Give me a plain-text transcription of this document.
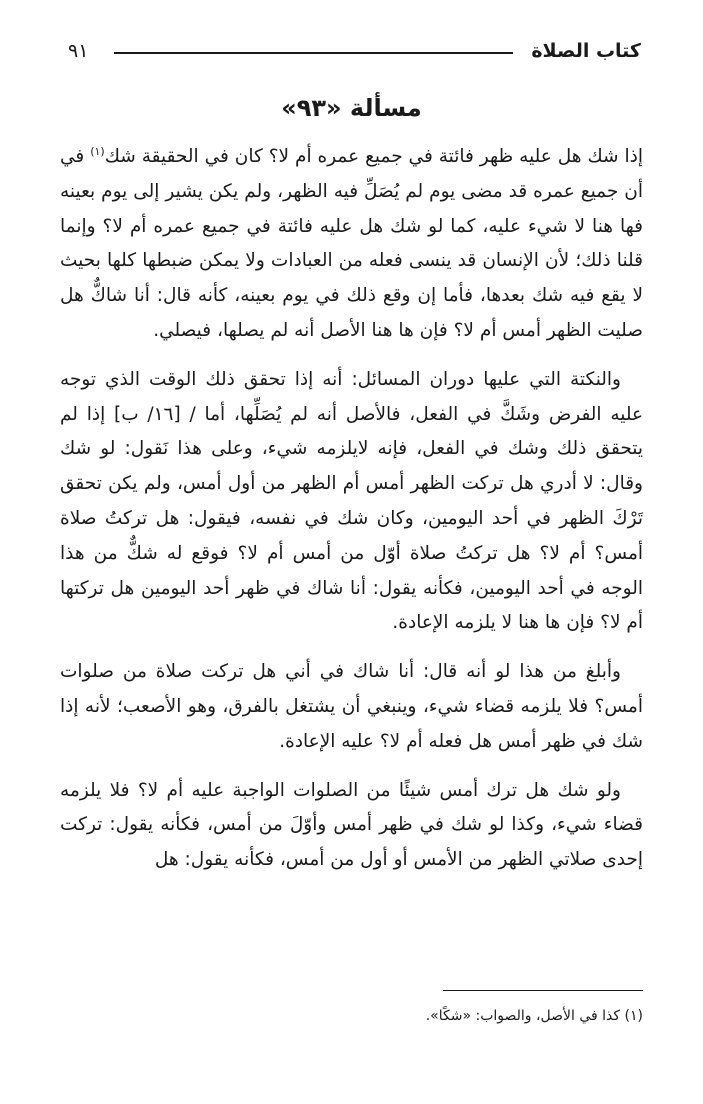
٩١	كتاب الصلاة
مسألة «٩٣»

إذا شك هل عليه ظهر فائتة في جميع عمره أم لا؟ كان في الحقيقة شك$^{(١)}$ في أن جميع عمره قد مضى يوم لم يُصَلِّ فيه الظهر، ولم يكن يشير إلى يوم بعينه فها هنا لا شيء عليه، كما لو شك هل عليه فائتة في جميع عمره أم لا؟ وإنما قلنا ذلك؛ لأن الإنسان قد ينسى فعله من العبادات ولا يمكن ضبطها كلها بحيث لا يقع فيه شك بعدها، فأما إن وقع ذلك في يوم بعينه، كأنه قال: أنا شاكٌّ هل صليت الظهر أمس أم لا؟ فإن ها هنا الأصل أنه لم يصلها، فيصلي.

والنكتة التي عليها دوران المسائل: أنه إذا تحقق ذلك الوقت الذي توجه عليه الفرض وشَكَّ في الفعل، فالأصل أنه لم يُصَلِّها، أما / [١٦/ ب] إذا لم يتحقق ذلك وشك في الفعل، فإنه لايلزمه شيء، وعلى هذا نَقول: لو شك وقال: لا أدري هل تركت الظهر أمس أم الظهر من أول أمس، ولم يكن تحقق تَرْكَ الظهر في أحد اليومين، وكان شك في نفسه، فيقول: هل تركتُ صلاة أمس؟ أم لا؟ هل تركتُ صلاة أوّل من أمس أم لا؟ فوقع له شكٌّ من هذا الوجه في أحد اليومين، فكأنه يقول: أنا شاك في ظهر أحد اليومين هل تركتها أم لا؟ فإن ها هنا لا يلزمه الإعادة.

وأبلغ من هذا لو أنه قال: أنا شاك في أني هل تركت صلاة من صلوات أمس؟ فلا يلزمه قضاء شيء، وينبغي أن يشتغل بالفرق، وهو الأصعب؛ لأنه إذا شك في ظهر أمس هل فعله أم لا؟ عليه الإعادة.

ولو شك هل ترك أمس شيئًا من الصلوات الواجبة عليه أم لا؟ فلا يلزمه قضاء شيء، وكذا لو شك في ظهر أمس وأوّلَ من أمس، فكأنه يقول: تركت إحدى صلاتي الظهر من الأمس أو أول من أمس، فكأنه يقول: هل

(١) كذا في الأصل، والصواب: «شكًا».
